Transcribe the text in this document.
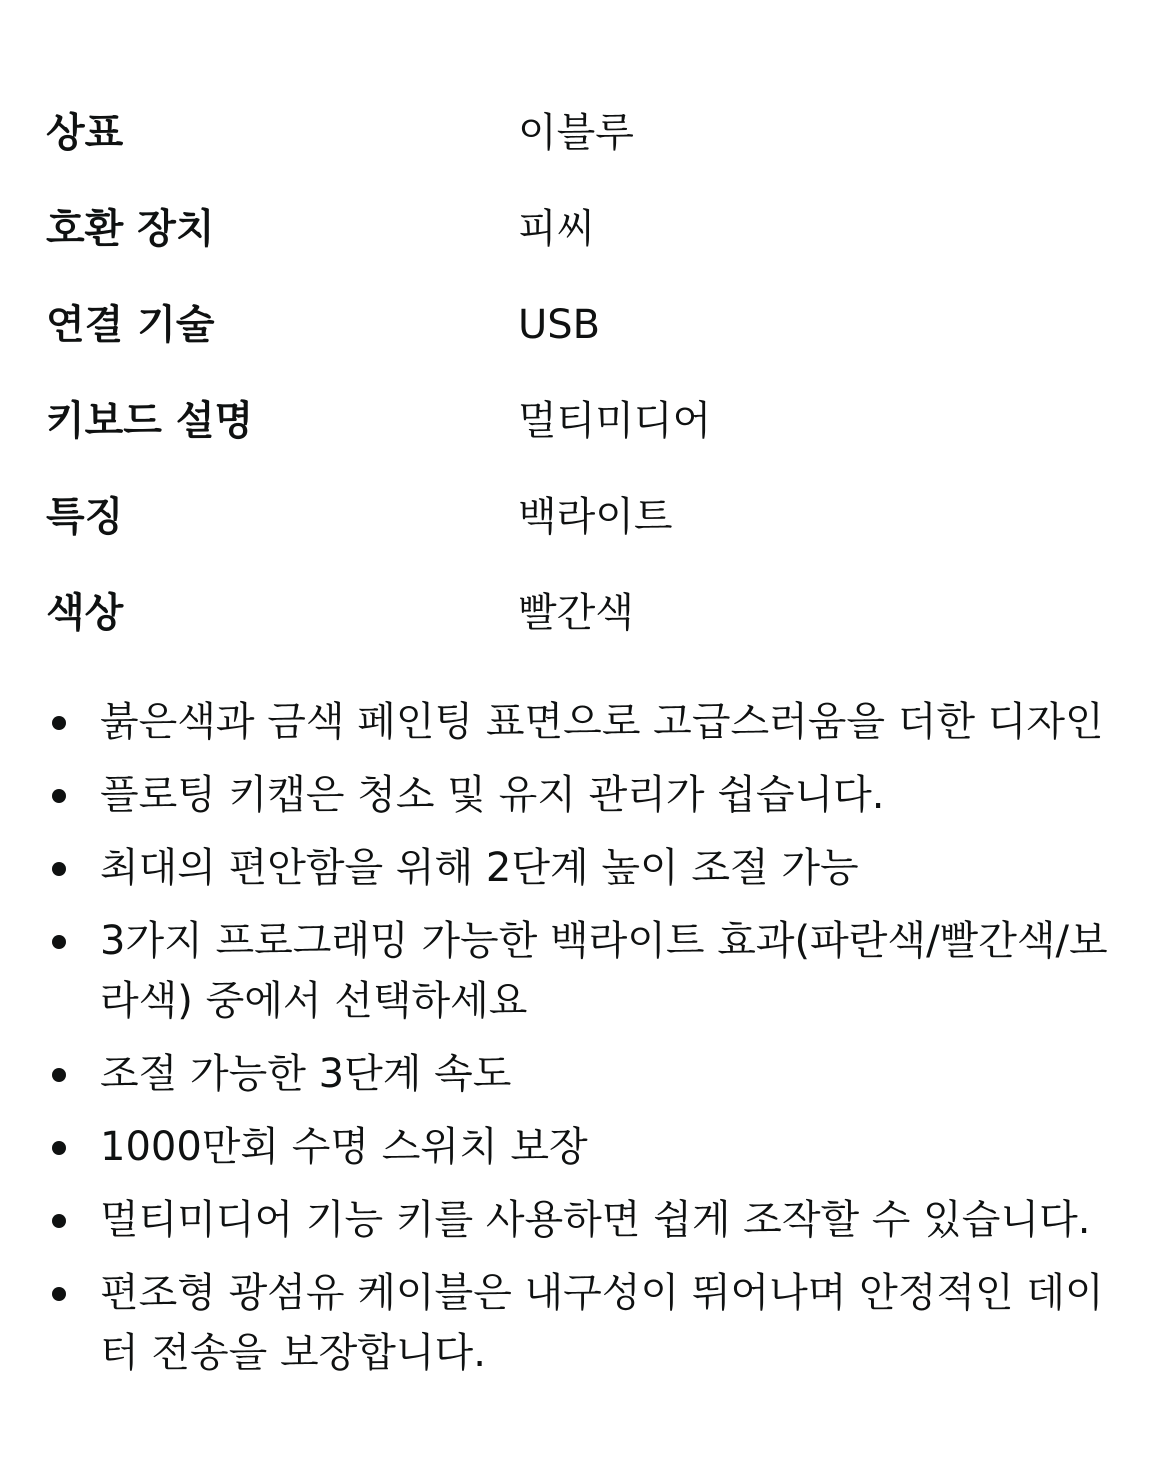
상표	이블루
호환 장치	피씨
연결 기술	USB
키보드 설명	멀티미디어
특징	백라이트
색상	빨간색
붉은색과 금색 페인팅 표면으로 고급스러움을 더한 디자인
플로팅 키캡은 청소 및 유지 관리가 쉽습니다.
최대의 편안함을 위해 2단계 높이 조절 가능
3가지 프로그래밍 가능한 백라이트 효과(파란색/빨간색/보라색) 중에서 선택하세요
조절 가능한 3단계 속도
1000만회 수명 스위치 보장
멀티미디어 기능 키를 사용하면 쉽게 조작할 수 있습니다.
편조형 광섬유 케이블은 내구성이 뛰어나며 안정적인 데이터 전송을 보장합니다.
